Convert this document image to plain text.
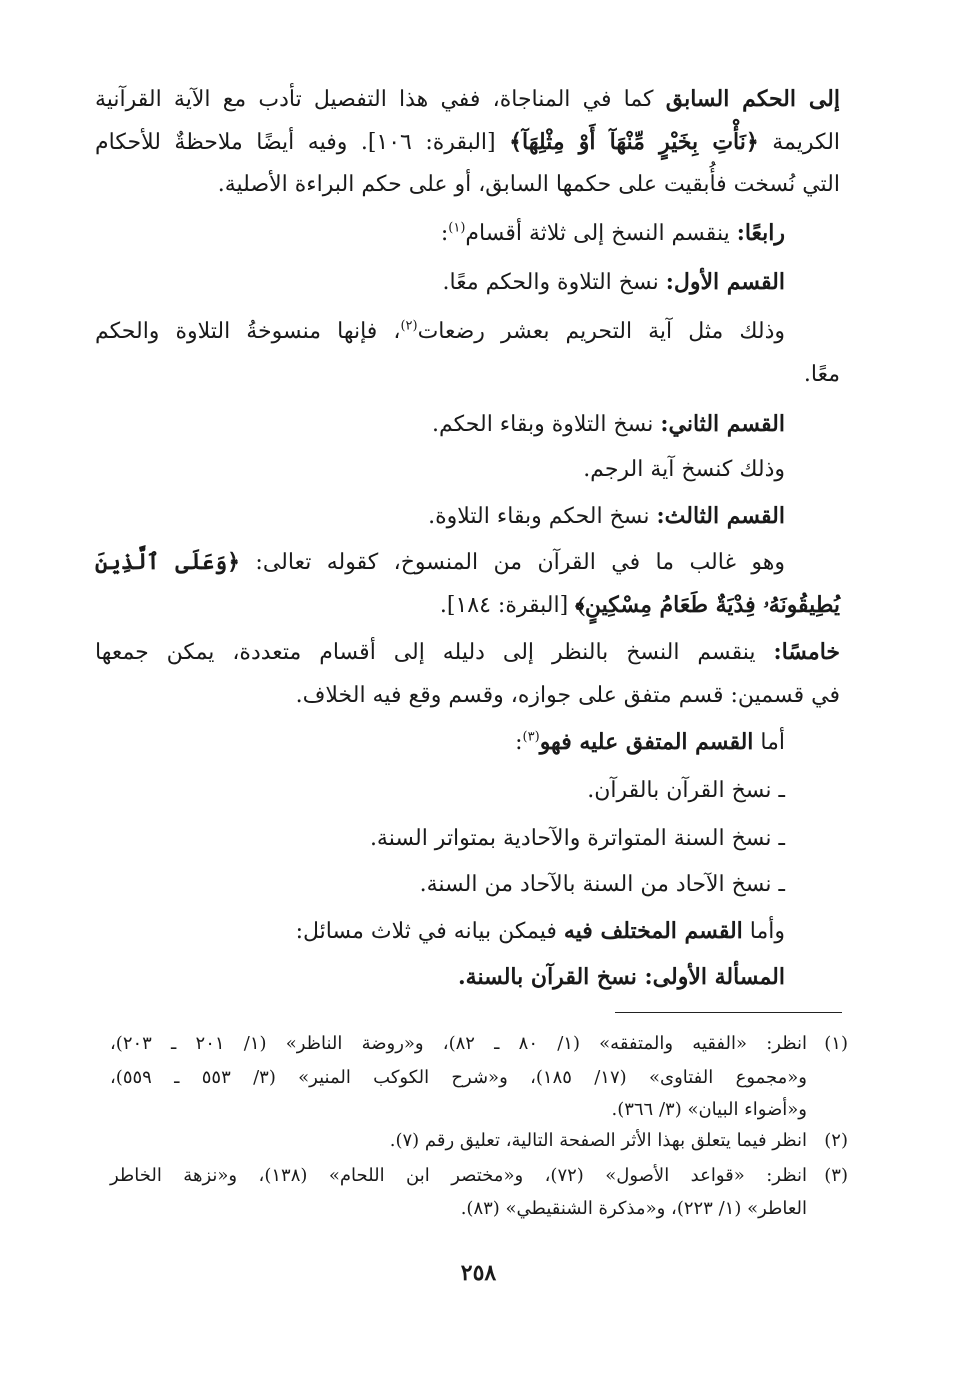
إلى الحكم السابق كما في المناجاة، ففي هذا التفصيل تأدب مع الآية القرآنية
الكريمة ﴿نَأْتِ بِخَيْرٍ مِّنْهَآ أَوْ مِثْلِهَآ﴾ [البقرة: ١٠٦]. وفيه أيضًا ملاحظةٌ للأحكام
التي نُسخت فأُبقيت على حكمها السابق، أو على حكم البراءة الأصلية.
رابعًا: ينقسم النسخ إلى ثلاثة أقسام$^{(١)}$:
القسم الأول: نسخ التلاوة والحكم معًا.
وذلك مثل آية التحريم بعشر رضعات$^{(٢)}$، فإنها منسوخةُ التلاوة والحكم
معًا.
القسم الثاني: نسخ التلاوة وبقاء الحكم.
وذلك كنسخ آية الرجم.
القسم الثالث: نسخ الحكم وبقاء التلاوة.
وهو غالب ما في القرآن من المنسوخ، كقوله تعالى: ﴿وَعَلَى ٱلَّذِينَ
يُطِيقُونَهُۥ فِدْيَةٌ طَعَامُ مِسْكِينٍ﴾ [البقرة: ١٨٤].
خامسًا: ينقسم النسخ بالنظر إلى دليله إلى أقسام متعددة، يمكن جمعها
في قسمين: قسم متفق على جوازه، وقسم وقع فيه الخلاف.
أما القسم المتفق عليه فهو$^{(٣)}$:
ـ نسخ القرآن بالقرآن.
ـ نسخ السنة المتواترة والآحادية بمتواتر السنة.
ـ نسخ الآحاد من السنة بالآحاد من السنة.
وأما القسم المختلف فيه فيمكن بيانه في ثلاث مسائل:
المسألة الأولى: نسخ القرآن بالسنة.
(١)
انظر: «الفقيه والمتفقه» (١/ ٨٠ ـ ٨٢)، و«روضة الناظر» (١/ ٢٠١ ـ ٢٠٣)،
و«مجموع الفتاوى» (١٧/ ١٨٥)، و«شرح الكوكب المنير» (٣/ ٥٥٣ ـ ٥٥٩)،
و«أضواء البيان» (٣/ ٣٦٦).
(٢)
انظر فيما يتعلق بهذا الأثر الصفحة التالية، تعليق رقم (٧).
(٣)
انظر: «قواعد الأصول» (٧٢)، و«مختصر ابن اللحام» (١٣٨)، و«نزهة الخاطر
العاطر» (١/ ٢٢٣)، و«مذكرة الشنقيطي» (٨٣).
٢٥٨
